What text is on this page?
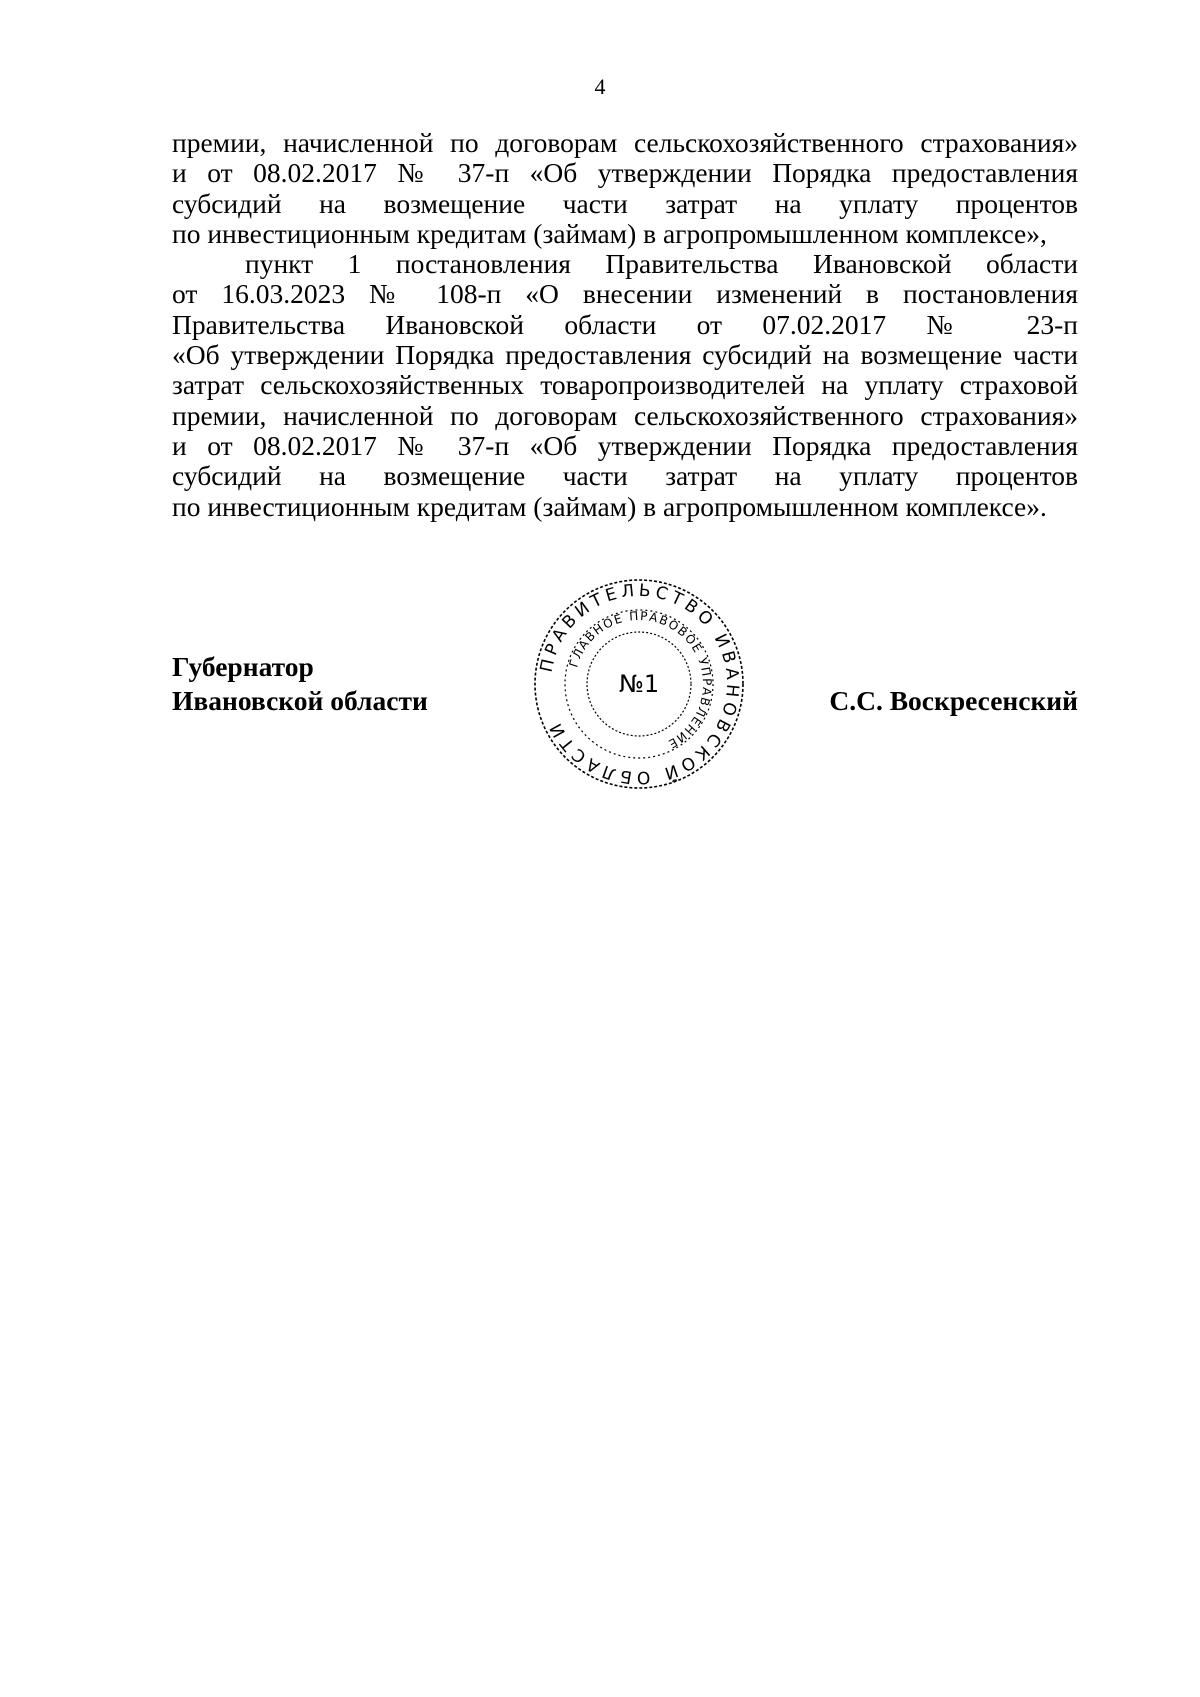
4
премии, начисленной по договорам сельскохозяйственного страхования»
и от 08.02.2017 № 37-п «Об утверждении Порядка предоставления
субсидий на возмещение части затрат на уплату процентов
по инвестиционным кредитам (займам) в агропромышленном комплексе»,
пункт 1 постановления Правительства Ивановской области
от 16.03.2023 № 108-п «О внесении изменений в постановления
Правительства Ивановской области от 07.02.2017 № 23-п
«Об утверждении Порядка предоставления субсидий на возмещение части
затрат сельскохозяйственных товаропроизводителей на уплату страховой
премии, начисленной по договорам сельскохозяйственного страхования»
и от 08.02.2017 № 37-п «Об утверждении Порядка предоставления
субсидий на возмещение части затрат на уплату процентов
по инвестиционным кредитам (займам) в агропромышленном комплексе».
Губернатор
Ивановской области
ПРАВИТЕЛЬСТВО ИВАНОВСКОЙ ОБЛАСТИ
ГЛАВНОЕ ПРАВОВОЕ УПРАВЛЕНИЕ
№1
С.С. Воскресенский
